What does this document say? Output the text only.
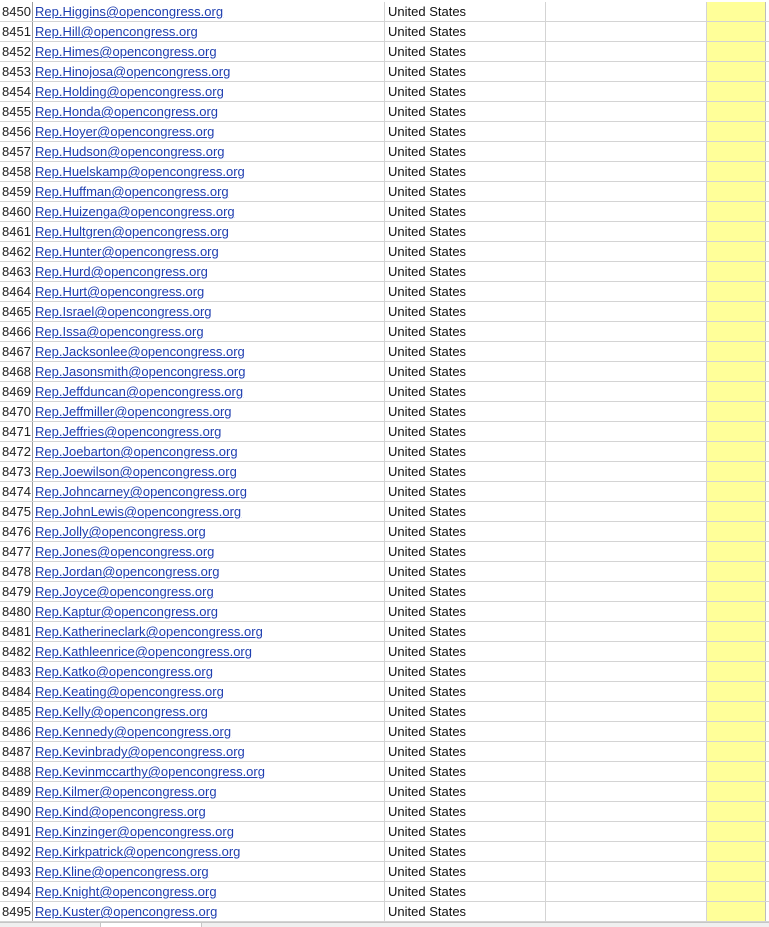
8450 Rep.Higgins@opencongress.org	United States
8451 Rep.Hill@opencongress.org	United States
8452 Rep.Himes@opencongress.org	United States
8453 Rep.Hinojosa@opencongress.org	United States
8454 Rep.Holding@opencongress.org	United States
8455 Rep.Honda@opencongress.org	United States
8456 Rep.Hoyer@opencongress.org	United States
8457 Rep.Hudson@opencongress.org	United States
8458 Rep.Huelskamp@opencongress.org	United States
8459 Rep.Huffman@opencongress.org	United States
8460 Rep.Huizenga@opencongress.org	United States
8461 Rep.Hultgren@opencongress.org	United States
8462 Rep.Hunter@opencongress.org	United States
8463 Rep.Hurd@opencongress.org	United States
8464 Rep.Hurt@opencongress.org	United States
8465 Rep.Israel@opencongress.org	United States
8466 Rep.Issa@opencongress.org	United States
8467 Rep.Jacksonlee@opencongress.org	United States
8468 Rep.Jasonsmith@opencongress.org	United States
8469 Rep.Jeffduncan@opencongress.org	United States
8470 Rep.Jeffmiller@opencongress.org	United States
8471 Rep.Jeffries@opencongress.org	United States
8472 Rep.Joebarton@opencongress.org	United States
8473 Rep.Joewilson@opencongress.org	United States
8474 Rep.Johncarney@opencongress.org	United States
8475 Rep.JohnLewis@opencongress.org	United States
8476 Rep.Jolly@opencongress.org	United States
8477 Rep.Jones@opencongress.org	United States
8478 Rep.Jordan@opencongress.org	United States
8479 Rep.Joyce@opencongress.org	United States
8480 Rep.Kaptur@opencongress.org	United States
8481 Rep.Katherineclark@opencongress.org	United States
8482 Rep.Kathleenrice@opencongress.org	United States
8483 Rep.Katko@opencongress.org	United States
8484 Rep.Keating@opencongress.org	United States
8485 Rep.Kelly@opencongress.org	United States
8486 Rep.Kennedy@opencongress.org	United States
8487 Rep.Kevinbrady@opencongress.org	United States
8488 Rep.Kevinmccarthy@opencongress.org	United States
8489 Rep.Kilmer@opencongress.org	United States
8490 Rep.Kind@opencongress.org	United States
8491 Rep.Kinzinger@opencongress.org	United States
8492 Rep.Kirkpatrick@opencongress.org	United States
8493 Rep.Kline@opencongress.org	United States
8494 Rep.Knight@opencongress.org	United States
8495 Rep.Kuster@opencongress.org	United States
